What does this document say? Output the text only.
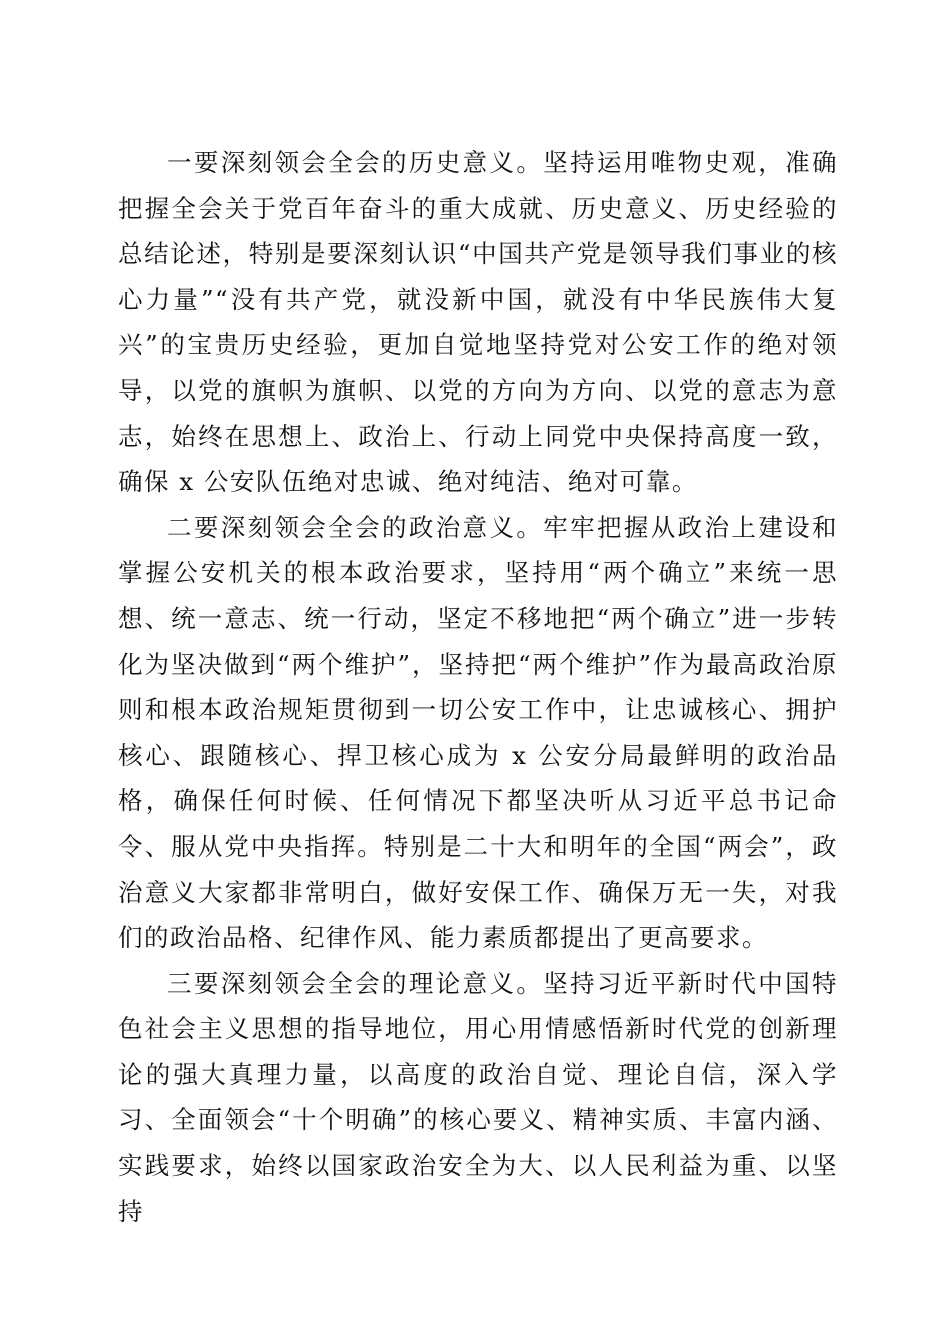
一要深刻领会全会的历史意义。坚持运用唯物史观，准确把握全会关于党百年奋斗的重大成就、历史意义、历史经验的总结论述，特别是要深刻认识“中国共产党是领导我们事业的核心力量”“没有共产党，就没新中国，就没有中华民族伟大复兴”的宝贵历史经验，更加自觉地坚持党对公安工作的绝对领导，以党的旗帜为旗帜、以党的方向为方向、以党的意志为意志，始终在思想上、政治上、行动上同党中央保持高度一致，确保 x 公安队伍绝对忠诚、绝对纯洁、绝对可靠。

二要深刻领会全会的政治意义。牢牢把握从政治上建设和掌握公安机关的根本政治要求，坚持用“两个确立”来统一思想、统一意志、统一行动，坚定不移地把“两个确立”进一步转化为坚决做到“两个维护”，坚持把“两个维护”作为最高政治原则和根本政治规矩贯彻到一切公安工作中，让忠诚核心、拥护核心、跟随核心、捍卫核心成为 x 公安分局最鲜明的政治品格，确保任何时候、任何情况下都坚决听从习近平总书记命令、服从党中央指挥。特别是二十大和明年的全国“两会”，政治意义大家都非常明白，做好安保工作、确保万无一失，对我们的政治品格、纪律作风、能力素质都提出了更高要求。

三要深刻领会全会的理论意义。坚持习近平新时代中国特色社会主义思想的指导地位，用心用情感悟新时代党的创新理论的强大真理力量，以高度的政治自觉、理论自信，深入学习、全面领会“十个明确”的核心要义、精神实质、丰富内涵、实践要求，始终以国家政治安全为大、以人民利益为重、以坚持
